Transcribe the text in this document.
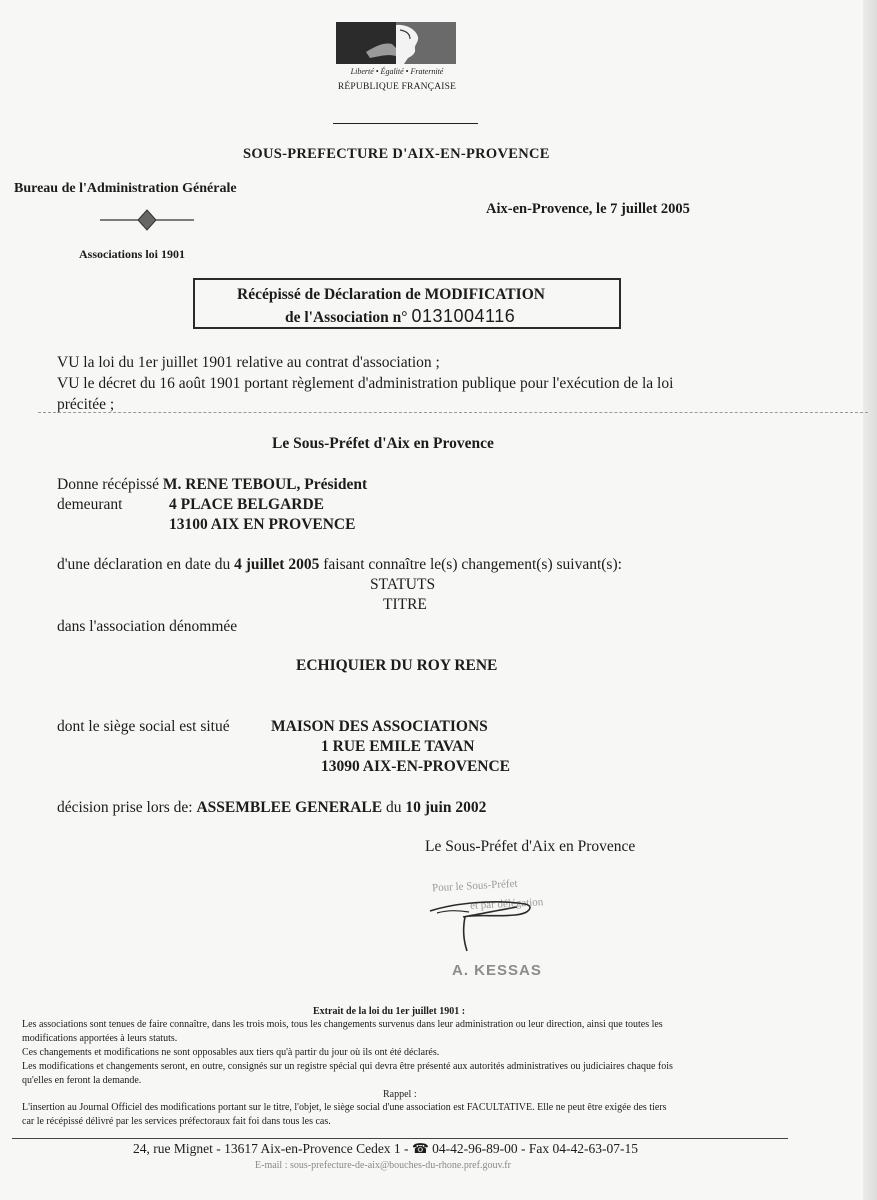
Liberté • Égalité • Fraternité
RÉPUBLIQUE FRANÇAISE
SOUS-PREFECTURE D'AIX-EN-PROVENCE
Bureau de l'Administration Générale
Aix-en-Provence, le 7 juillet 2005
Associations loi 1901
Récépissé de Déclaration de MODIFICATION
de l'Association n° 0131004116
VU la loi du 1er juillet 1901 relative au contrat d'association ;
VU le décret du 16 août 1901 portant règlement d'administration publique pour l'exécution de la loi
précitée ;
Le Sous-Préfet d'Aix en Provence
Donne récépissé M. RENE TEBOUL, Président
demeurant	4 PLACE BELGARDE
13100 AIX EN PROVENCE
d'une déclaration en date du 4 juillet 2005 faisant connaître le(s) changement(s) suivant(s):
STATUTS
TITRE
dans l'association dénommée
ECHIQUIER DU ROY RENE
dont le siège social est situé	MAISON DES ASSOCIATIONS
1 RUE EMILE TAVAN
13090 AIX-EN-PROVENCE
décision prise lors de: ASSEMBLEE GENERALE du 10 juin 2002
Le Sous-Préfet d'Aix en Provence
Pour le Sous-Préfet
et par délégation
A. KESSAS
Extrait de la loi du 1er juillet 1901 :
Les associations sont tenues de faire connaître, dans les trois mois, tous les changements survenus dans leur administration ou leur direction, ainsi que toutes les
modifications apportées à leurs statuts.
Ces changements et modifications ne sont opposables aux tiers qu'à partir du jour où ils ont été déclarés.
Les modifications et changements seront, en outre, consignés sur un registre spécial qui devra être présenté aux autorités administratives ou judiciaires chaque fois
qu'elles en feront la demande.
Rappel :
L'insertion au Journal Officiel des modifications portant sur le titre, l'objet, le siège social d'une association est FACULTATIVE. Elle ne peut être exigée des tiers
car le récépissé délivré par les services préfectoraux fait foi dans tous les cas.
24, rue Mignet - 13617 Aix-en-Provence Cedex 1 - ☎ 04-42-96-89-00 - Fax 04-42-63-07-15
E-mail : sous-prefecture-de-aix@bouches-du-rhone.pref.gouv.fr
